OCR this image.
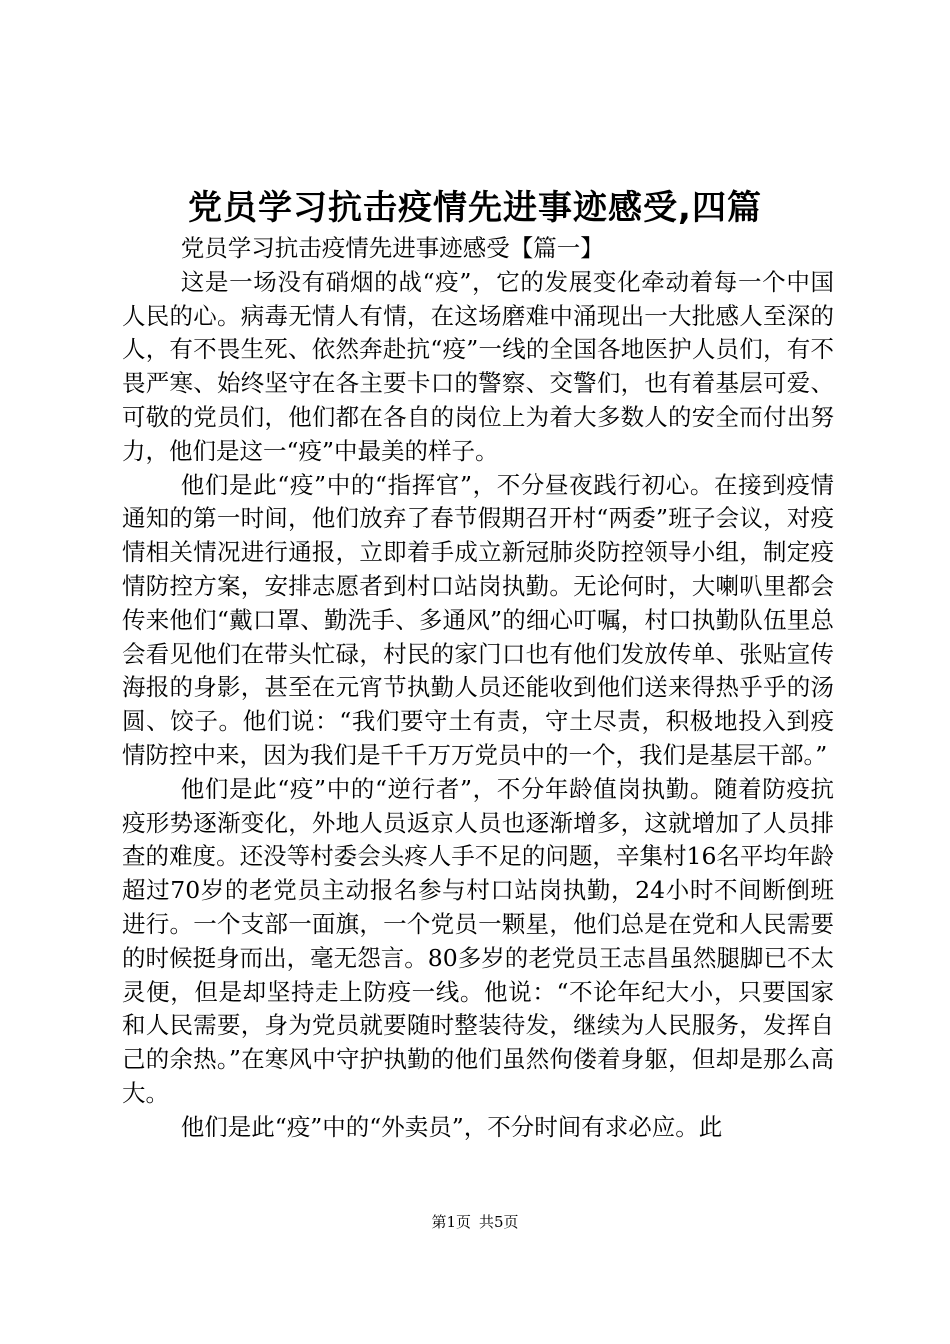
党员学习抗击疫情先进事迹感受,四篇

党员学习抗击疫情先进事迹感受【篇一】

这是一场没有硝烟的战“疫”，它的发展变化牵动着每一个中国人民的心。病毒无情人有情，在这场磨难中涌现出一大批感人至深的人，有不畏生死、依然奔赴抗“疫”一线的全国各地医护人员们，有不畏严寒、始终坚守在各主要卡口的警察、交警们，也有着基层可爱、可敬的党员们，他们都在各自的岗位上为着大多数人的安全而付出努力，他们是这一“疫”中最美的样子。

他们是此“疫”中的“指挥官”，不分昼夜践行初心。在接到疫情通知的第一时间，他们放弃了春节假期召开村“两委”班子会议，对疫情相关情况进行通报，立即着手成立新冠肺炎防控领导小组，制定疫情防控方案，安排志愿者到村口站岗执勤。无论何时，大喇叭里都会传来他们“戴口罩、勤洗手、多通风”的细心叮嘱，村口执勤队伍里总会看见他们在带头忙碌，村民的家门口也有他们发放传单、张贴宣传海报的身影，甚至在元宵节执勤人员还能收到他们送来得热乎乎的汤圆、饺子。他们说：“我们要守土有责，守土尽责，积极地投入到疫情防控中来，因为我们是千千万万党员中的一个，我们是基层干部。”

他们是此“疫”中的“逆行者”，不分年龄值岗执勤。随着防疫抗疫形势逐渐变化，外地人员返京人员也逐渐增多，这就增加了人员排查的难度。还没等村委会头疼人手不足的问题，辛集村16名平均年龄超过70岁的老党员主动报名参与村口站岗执勤，24小时不间断倒班进行。一个支部一面旗，一个党员一颗星，他们总是在党和人民需要的时候挺身而出，毫无怨言。80多岁的老党员王志昌虽然腿脚已不太灵便，但是却坚持走上防疫一线。他说：“不论年纪大小，只要国家和人民需要，身为党员就要随时整装待发，继续为人民服务，发挥自己的余热。”在寒风中守护执勤的他们虽然佝偻着身躯，但却是那么高大。

他们是此“疫”中的“外卖员”，不分时间有求必应。此

第1页 共5页
